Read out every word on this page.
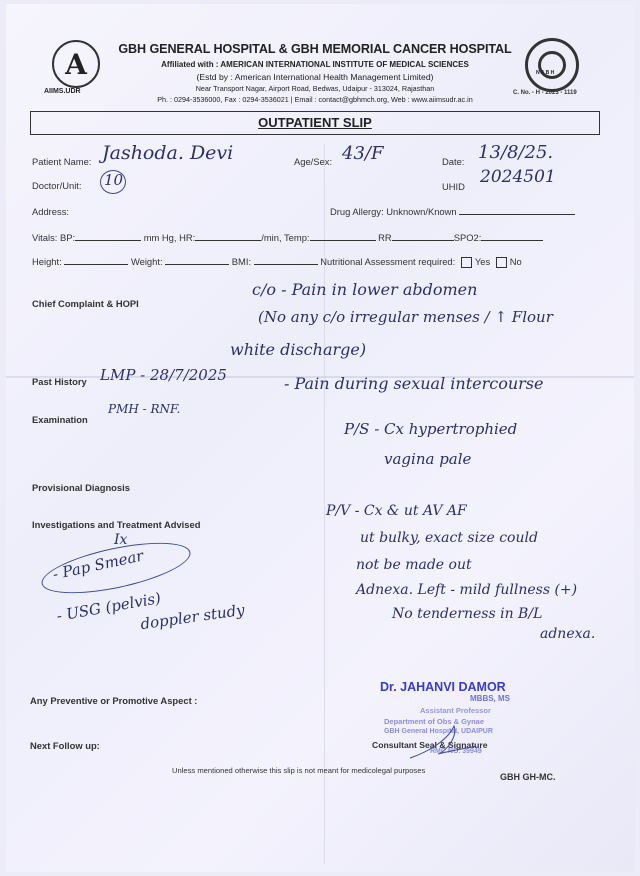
A
AIIMS.UDR	C. No. - H - 2023 - 1119
N A B H
GBH GENERAL HOSPITAL & GBH MEMORIAL CANCER HOSPITAL
Affiliated with : AMERICAN INTERNATIONAL INSTITUTE OF MEDICAL SCIENCES
(Estd by : American International Health Management Limited)
Near Transport Nagar, Airport Road, Bedwas, Udaipur - 313024, Rajasthan
Ph. : 0294-3536000, Fax : 0294-3536021 | Email : contact@gbhmch.org, Web : www.aiimsudr.ac.in
OUTPATIENT SLIP
Patient Name: Jashoda. Devi	Age/Sex: 43/F	Date: 13/8/25.
Doctor/Unit: 10	UHID 2024501
Address:	Drug Allergy: Unknown/Known
Vitals: BP:	mm Hg, HR:	/min, Temp:	RR	SPO2:
Height:	Weight:	BMI:	Nutritional Assessment required: Yes No
Chief Complaint & HOPI
c/o - Pain in lower abdomen
(No any c/o irregular menses / ↑ Flour
white discharge)
Past History LMP - 28/7/2025	- Pain during sexual intercourse
Examination
PMH - RNF.
P/S - Cx hypertrophied
vagina pale
Provisional Diagnosis
Investigations and Treatment Advised
Ix
- Pap Smear
- USG (pelvis)
doppler study
P/V - Cx & ut AV AF
ut bulky, exact size could
not be made out
Adnexa. Left - mild fullness (+)
No tenderness in B/L
adnexa.
Any Preventive or Promotive Aspect :
Next Follow up:
Dr. JAHANVI DAMOR
MBBS, MS
Assistant Professor
Department of Obs & Gynae
GBH General Hospital, UDAIPUR
RMC NO. 39949
Consultant Seal & Signature
Unless mentioned otherwise this slip is not meant for medicolegal purposes
GBH GH-MC.
